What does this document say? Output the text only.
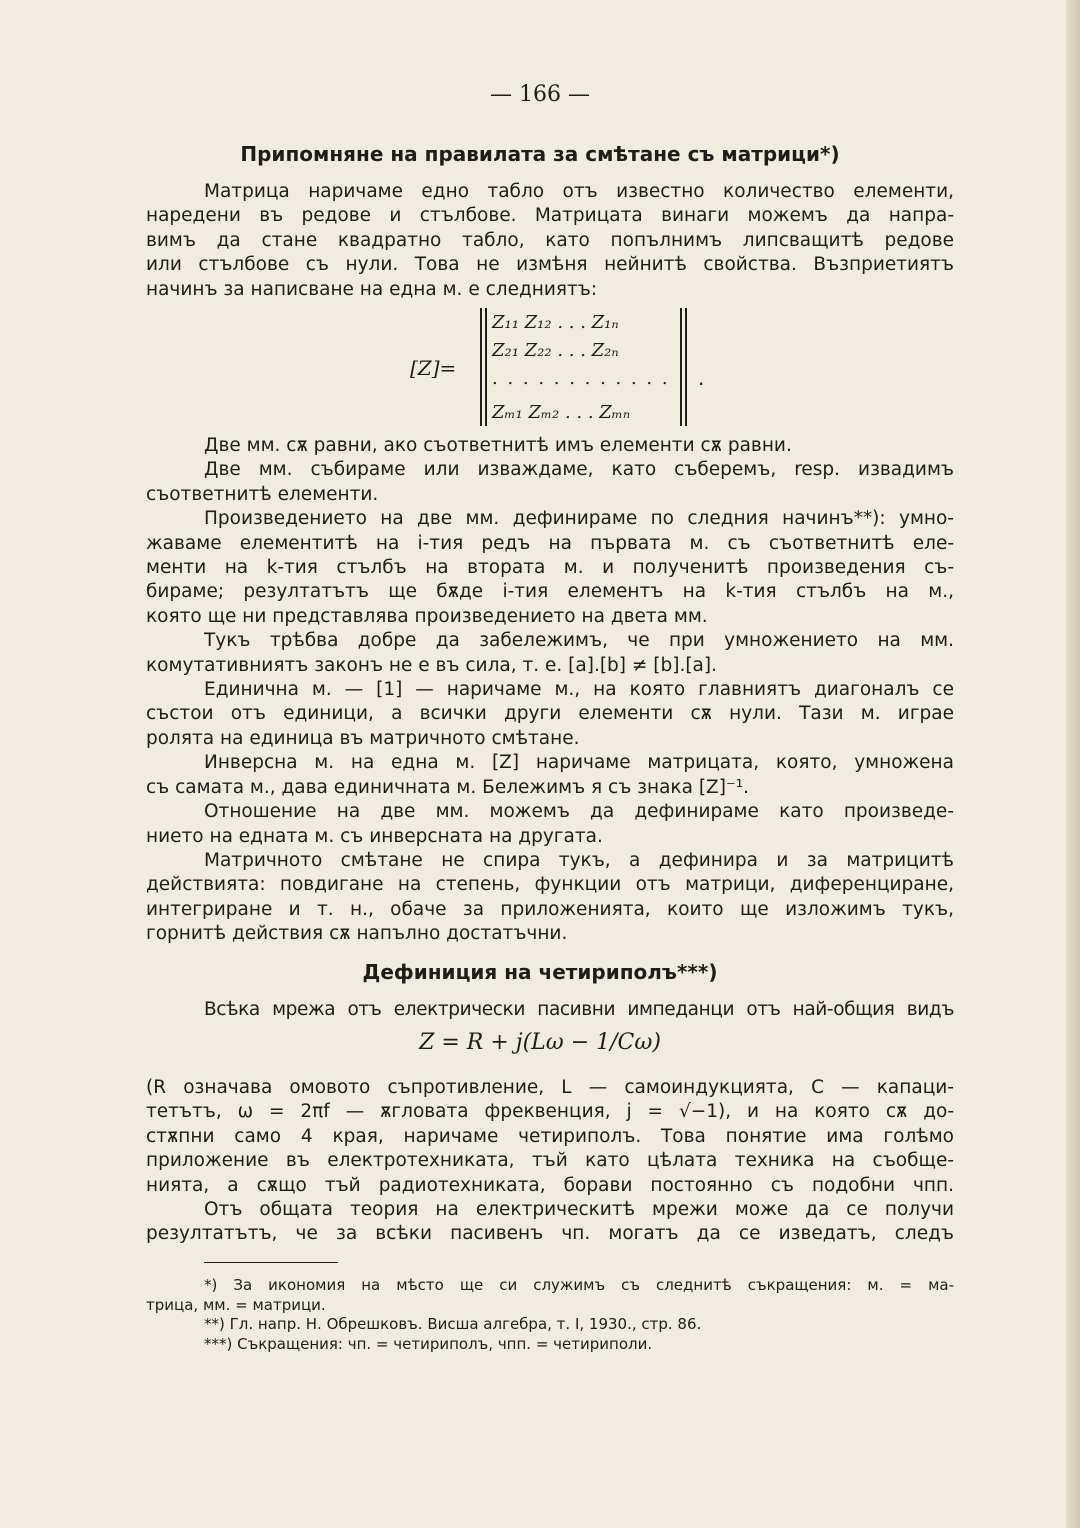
— 166 —
Припомняне на правилата за смѣтане съ матрици*)
Матрица наричаме едно табло отъ известно количество елементи,
наредени въ редове и стълбове. Матрицата винаги можемъ да напра-
вимъ да стане квадратно табло, като попълнимъ липсващитѣ редове
или стълбове съ нули. Това не измѣня нейнитѣ свойства. Възприетиятъ
начинъ за написване на една м. е следниятъ:
[Z]=
Z₁₁ Z₁₂ . . . Z₁ₙ
Z₂₁ Z₂₂ . . . Z₂ₙ
. . . . . . . . . . . .
Zₘ₁ Zₘ₂ . . . Zₘₙ
.
Две мм. сѫ равни, ако съответнитѣ имъ елементи сѫ равни.
Две мм. събираме или изваждаме, като съберемъ, resp. извадимъ
съответнитѣ елементи.
Произведението на две мм. дефинираме по следния начинъ**): умно-
жаваме елементитѣ на i-тия редъ на първата м. съ съответнитѣ еле-
менти на k-тия стълбъ на втората м. и полученитѣ произведения съ-
бираме; резултатътъ ще бѫде i-тия елементъ на k-тия стълбъ на м.,
която ще ни представлява произведението на двета мм.
Тукъ трѣбва добре да забележимъ, че при умножението на мм.
комутативниятъ законъ не е въ сила, т. е. [a].[b] ≠ [b].[a].
Единична м. — [1] — наричаме м., на която главниятъ диагоналъ се
състои отъ единици, а всички други елементи сѫ нули. Тази м. играе
ролята на единица въ матричното смѣтане.
Инверсна м. на една м. [Z] наричаме матрицата, която, умножена
съ самата м., дава единичната м. Бележимъ я съ знака [Z]⁻¹.
Отношение на две мм. можемъ да дефинираме като произведе-
нието на едната м. съ инверсната на другата.
Матричното смѣтане не спира тукъ, а дефинира и за матрицитѣ
действията: повдигане на степень, функции отъ матрици, диференциране,
интегриране и т. н., обаче за приложенията, които ще изложимъ тукъ,
горнитѣ действия сѫ напълно достатъчни.
Дефиниция на четириполъ***)
Всѣка мрежа отъ електрически пасивни импеданци отъ най-общия видъ
Z = R + j(Lω − 1/Cω)
(R означава омовото съпротивление, L — самоиндукцията, C — капаци-
тетътъ, ω = 2πf — ѫгловата фреквенция, j = √−1), и на която сѫ до-
стѫпни само 4 края, наричаме четириполъ. Това понятие има голѣмо
приложение въ електротехниката, тъй като цѣлата техника на съобще-
нията, а сѫщо тъй радиотехниката, борави постоянно съ подобни чпп.
Отъ общата теория на електрическитѣ мрежи може да се получи
резултатътъ, че за всѣки пасивенъ чп. могатъ да се изведатъ, следъ
*) За икономия на мѣсто ще си служимъ съ следнитѣ съкращения: м. = ма-
трица, мм. = матрици.
**) Гл. напр. Н. Обрешковъ. Висша алгебра, т. I, 1930., стр. 86.
***) Съкращения: чп. = четириполъ, чпп. = четириполи.
